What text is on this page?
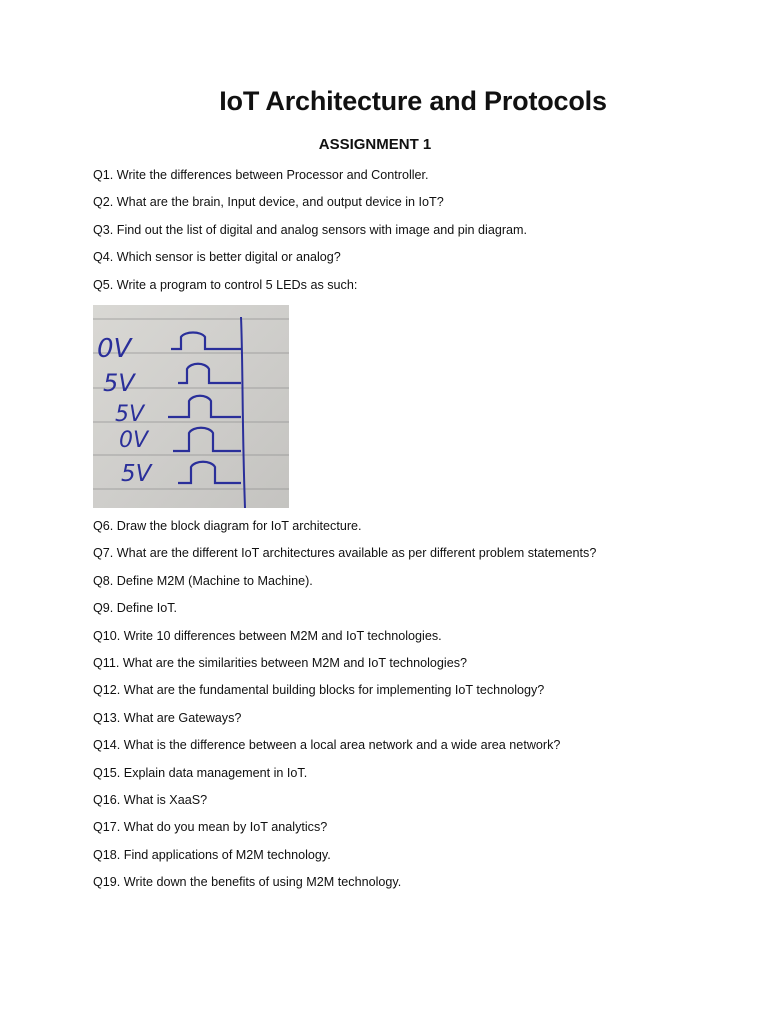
IoT Architecture and Protocols
ASSIGNMENT 1
Q1. Write the differences between Processor and Controller.
Q2. What are the brain, Input device, and output device in IoT?
Q3. Find out the list of digital and analog sensors with image and pin diagram.
Q4. Which sensor is better digital or analog?
Q5. Write a program to control 5 LEDs as such:
0V
5V
5V
0V
5V
Q6. Draw the block diagram for IoT architecture.
Q7. What are the different IoT architectures available as per different problem statements?
Q8. Define M2M (Machine to Machine).
Q9. Define IoT.
Q10. Write 10 differences between M2M and IoT technologies.
Q11. What are the similarities between M2M and IoT technologies?
Q12. What are the fundamental building blocks for implementing IoT technology?
Q13. What are Gateways?
Q14. What is the difference between a local area network and a wide area network?
Q15. Explain data management in IoT.
Q16. What is XaaS?
Q17. What do you mean by IoT analytics?
Q18. Find applications of M2M technology.
Q19. Write down the benefits of using M2M technology.
